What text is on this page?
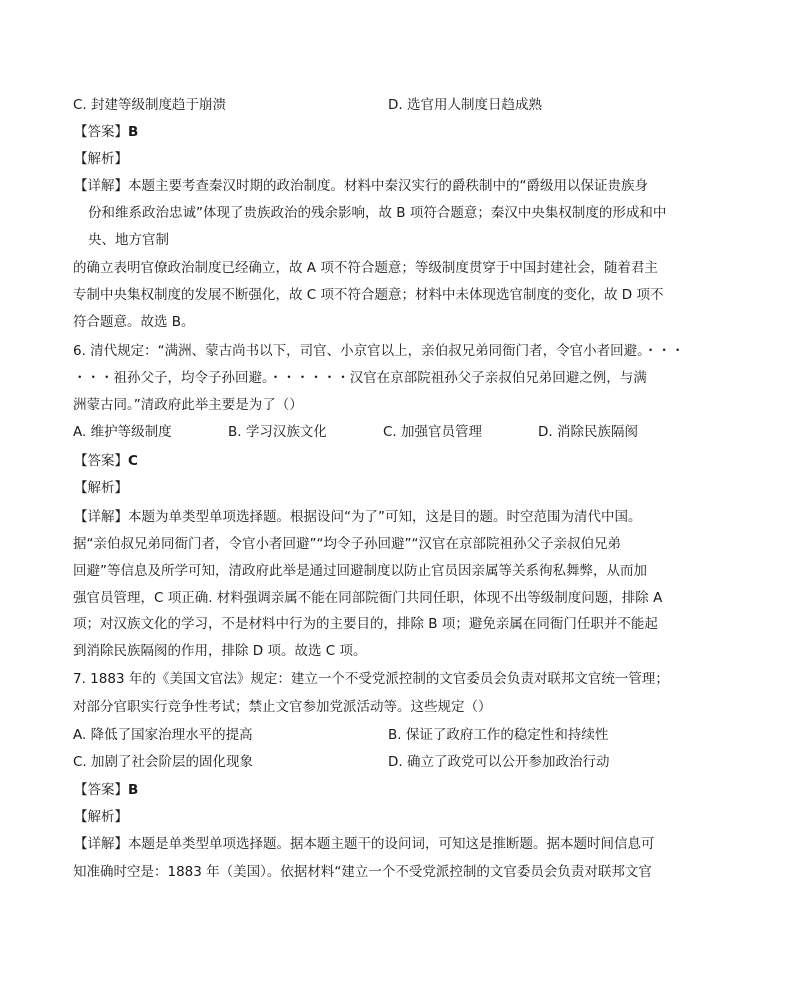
C. 封建等级制度趋于崩溃	D. 选官用人制度日趋成熟
【答案】B
【解析】
【详解】本题主要考查秦汉时期的政治制度。材料中秦汉实行的爵秩制中的“爵级用以保证贵族身
份和维系政治忠诚”体现了贵族政治的残余影响，故 B 项符合题意；秦汉中央集权制度的形成和中
央、地方官制
的确立表明官僚政治制度已经确立，故 A 项不符合题意；等级制度贯穿于中国封建社会，随着君主
专制中央集权制度的发展不断强化，故 C 项不符合题意；材料中未体现选官制度的变化，故 D 项不
符合题意。故选 B。
6. 清代规定：“满洲、蒙古尚书以下，司官、小京官以上，亲伯叔兄弟同衙门者，令官小者回避。・・・
・・・祖孙父子，均令子孙回避。・・・・・・汉官在京部院祖孙父子亲叔伯兄弟回避之例，与满
洲蒙古同。”清政府此举主要是为了（）
A. 维护等级制度	B. 学习汉族文化	C. 加强官员管理	D. 消除民族隔阂
【答案】C
【解析】
【详解】本题为单类型单项选择题。根据设问“为了”可知，这是目的题。时空范围为清代中国。
据“亲伯叔兄弟同衙门者，令官小者回避”“均令子孙回避”“汉官在京部院祖孙父子亲叔伯兄弟
回避”等信息及所学可知，清政府此举是通过回避制度以防止官员因亲属等关系徇私舞弊，从而加
强官员管理，C 项正确. 材料强调亲属不能在同部院衙门共同任职，体现不出等级制度问题，排除 A
项；对汉族文化的学习，不是材料中行为的主要目的，排除 B 项；避免亲属在同衙门任职并不能起
到消除民族隔阂的作用，排除 D 项。故选 C 项。
7. 1883 年的《美国文官法》规定：建立一个不受党派控制的文官委员会负责对联邦文官统一管理；
对部分官职实行竞争性考试；禁止文官参加党派活动等。这些规定（）
A. 降低了国家治理水平的提高	B. 保证了政府工作的稳定性和持续性
C. 加剧了社会阶层的固化现象	D. 确立了政党可以公开参加政治行动
【答案】B
【解析】
【详解】本题是单类型单项选择题。据本题主题干的设问词，可知这是推断题。据本题时间信息可
知准确时空是：1883 年（美国）。依据材料“建立一个不受党派控制的文官委员会负责对联邦文官
